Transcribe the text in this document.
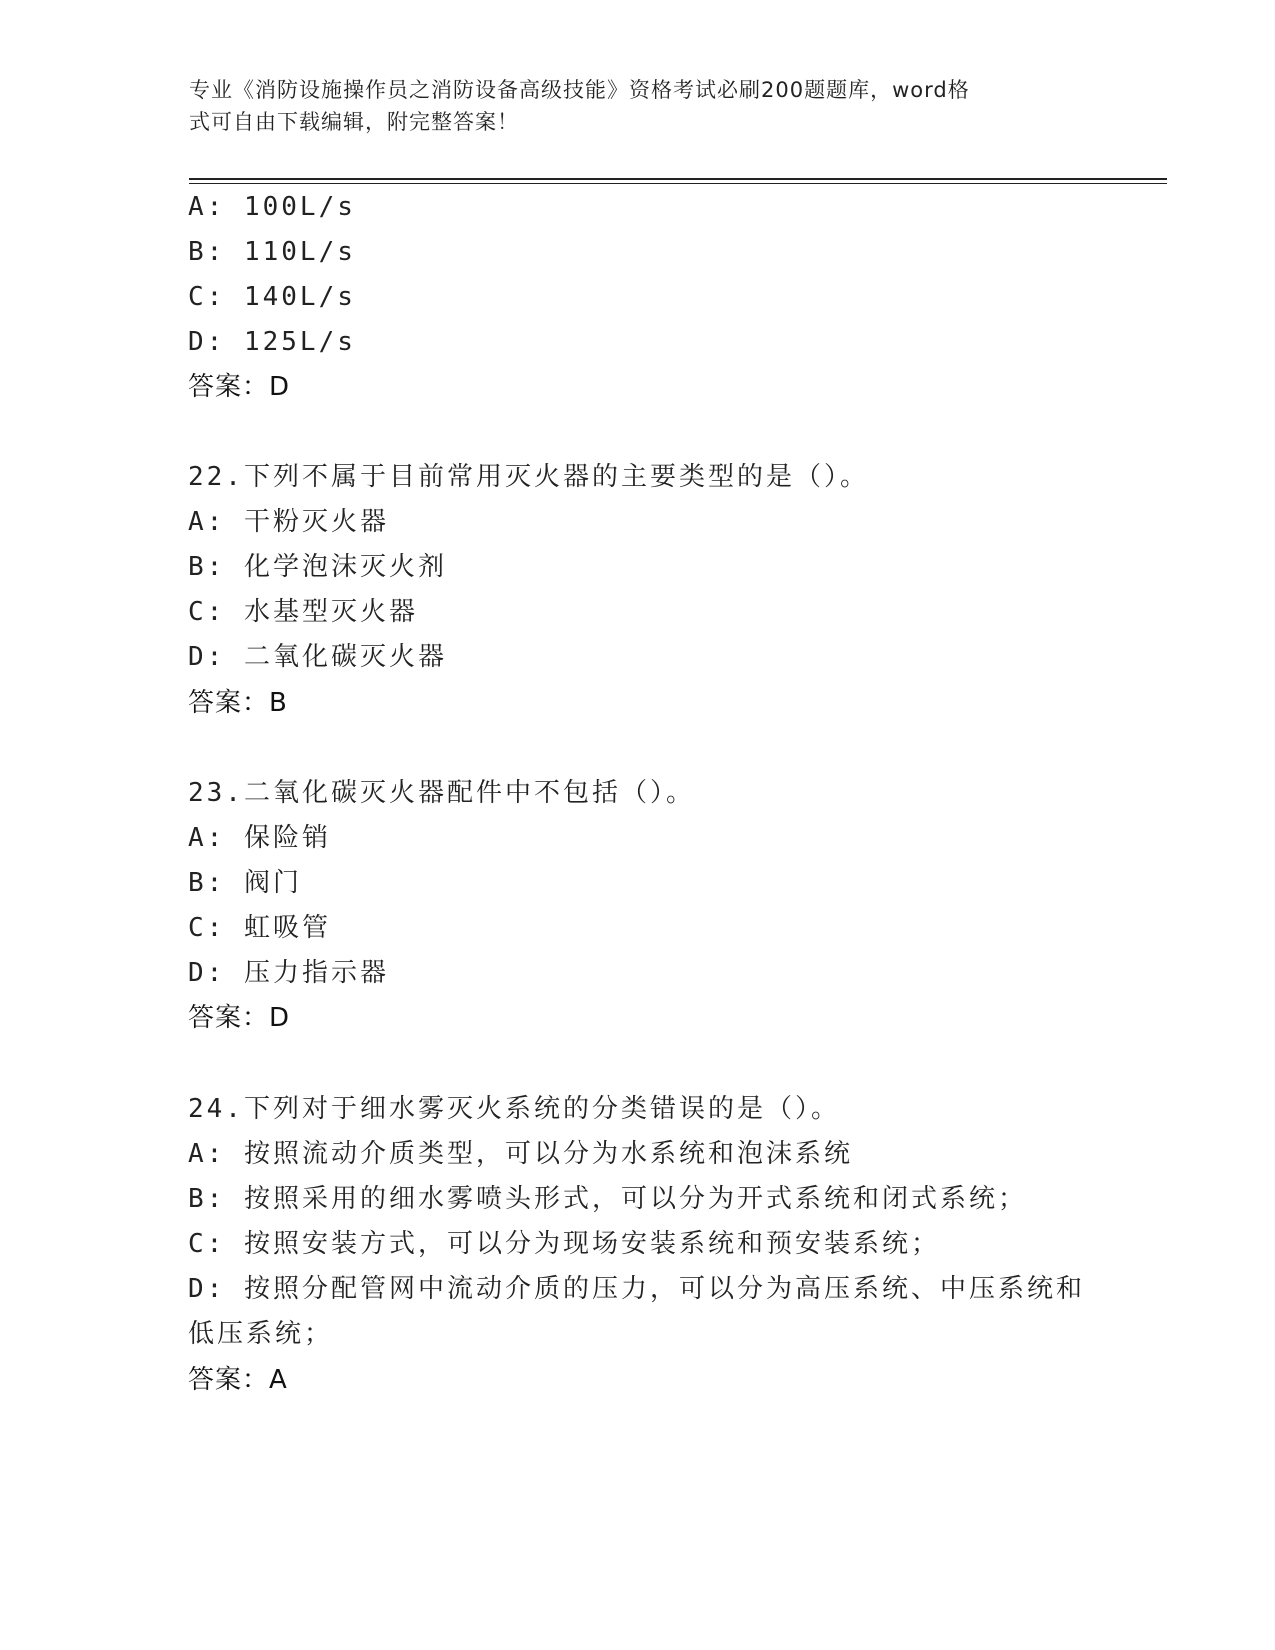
专业《消防设施操作员之消防设备高级技能》资格考试必刷200题题库，word格
式可自由下载编辑，附完整答案！
A: 100L/s
B: 110L/s
C: 140L/s
D: 125L/s
答案：D
22.下列不属于目前常用灭火器的主要类型的是（）。
A: 干粉灭火器
B: 化学泡沫灭火剂
C: 水基型灭火器
D: 二氧化碳灭火器
答案：B
23.二氧化碳灭火器配件中不包括（）。
A: 保险销
B: 阀门
C: 虹吸管
D: 压力指示器
答案：D
24.下列对于细水雾灭火系统的分类错误的是（）。
A: 按照流动介质类型，可以分为水系统和泡沫系统
B: 按照采用的细水雾喷头形式，可以分为开式系统和闭式系统；
C: 按照安装方式，可以分为现场安装系统和预安装系统；
D: 按照分配管网中流动介质的压力，可以分为高压系统、中压系统和
低压系统；
答案：A
